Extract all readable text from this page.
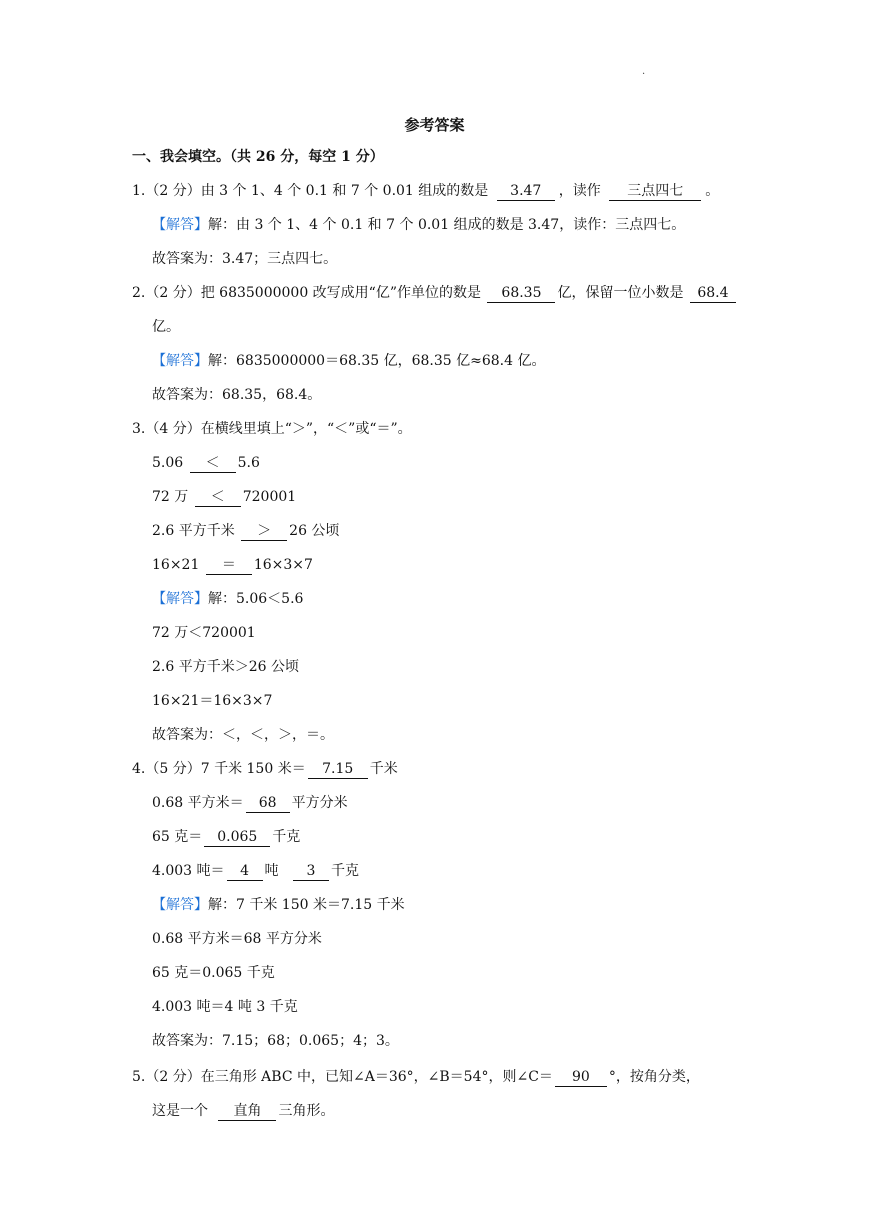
.
参考答案
一、我会填空。（共 26 分，每空 1 分）
1.（2 分）由 3 个 1、4 个 0.1 和 7 个 0.01 组成的数是 3.47 ，读作 三点四七 。
【解答】解：由 3 个 1、4 个 0.1 和 7 个 0.01 组成的数是 3.47，读作：三点四七。
故答案为：3.47；三点四七。
2.（2 分）把 6835000000 改写成用“亿”作单位的数是 68.35 亿，保留一位小数是 68.4
亿。
【解答】解：6835000000＝68.35 亿，68.35 亿≈68.4 亿。
故答案为：68.35，68.4。
3.（4 分）在横线里填上“＞”，“＜”或“＝”。
5.06 ＜ 5.6
72 万 ＜ 720001
2.6 平方千米 ＞ 26 公顷
16×21 ＝ 16×3×7
【解答】解：5.06＜5.6
72 万＜720001
2.6 平方千米＞26 公顷
16×21＝16×3×7
故答案为：＜，＜，＞，＝。
4.（5 分）7 千米 150 米＝ 7.15 千米
0.68 平方米＝ 68 平方分米
65 克＝ 0.065 千克
4.003 吨＝ 4 吨 3 千克
【解答】解：7 千米 150 米＝7.15 千米
0.68 平方米＝68 平方分米
65 克＝0.065 千克
4.003 吨＝4 吨 3 千克
故答案为：7.15；68；0.065；4；3。
5.（2 分）在三角形 ABC 中，已知∠A＝36°，∠B＝54°，则∠C＝ 90 °，按角分类，
这是一个 直角 三角形。
